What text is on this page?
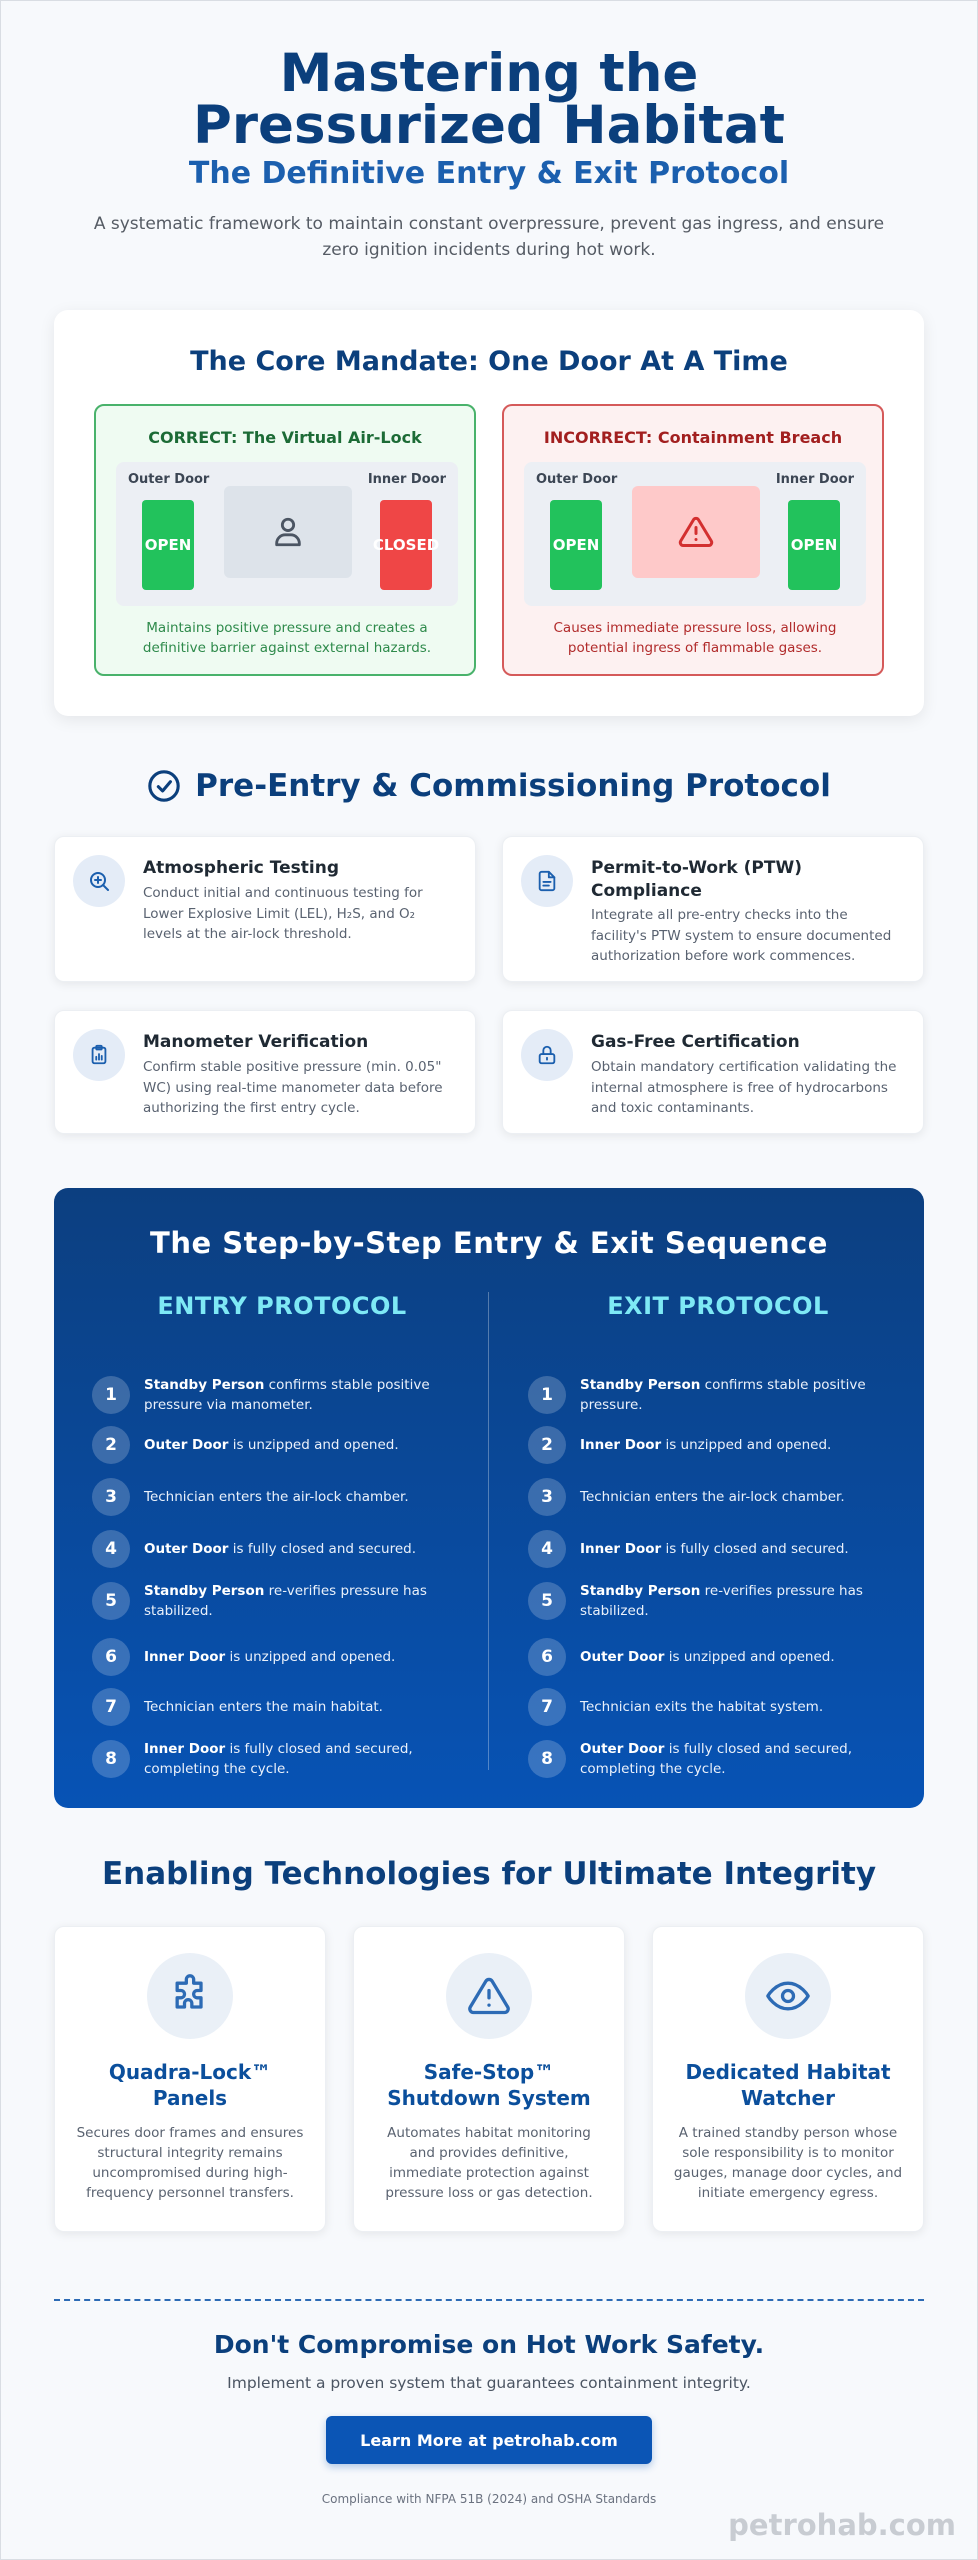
Mastering the Pressurized Habitat
The Definitive Entry & Exit Protocol

A systematic framework to maintain constant overpressure, prevent gas ingress, and ensure zero ignition incidents during hot work.

The Core Mandate: One Door At A Time
CORRECT: The Virtual Air-Lock
Outer Door	Inner Door
OPEN	CLOSED
Maintains positive pressure and creates a definitive barrier against external hazards.
INCORRECT: Containment Breach
Outer Door	Inner Door
OPEN	OPEN
Causes immediate pressure loss, allowing potential ingress of flammable gases.
Pre-Entry & Commissioning Protocol
Atmospheric Testing
Conduct initial and continuous testing for Lower Explosive Limit (LEL), H₂S, and O₂ levels at the air-lock threshold.
Permit-to-Work (PTW) Compliance
Integrate all pre-entry checks into the facility's PTW system to ensure documented authorization before work commences.
Manometer Verification
Confirm stable positive pressure (min. 0.05" WC) using real-time manometer data before authorizing the first entry cycle.
Gas-Free Certification
Obtain mandatory certification validating the internal atmosphere is free of hydrocarbons and toxic contaminants.
The Step-by-Step Entry & Exit Sequence
ENTRY PROTOCOL
1	Standby Person confirms stable positive pressure via manometer.
2	Outer Door is unzipped and opened.
3	Technician enters the air-lock chamber.
4	Outer Door is fully closed and secured.
5	Standby Person re-verifies pressure has stabilized.
6	Inner Door is unzipped and opened.
7	Technician enters the main habitat.
8	Inner Door is fully closed and secured, completing the cycle.
EXIT PROTOCOL
1	Standby Person confirms stable positive pressure.
2	Inner Door is unzipped and opened.
3	Technician enters the air-lock chamber.
4	Inner Door is fully closed and secured.
5	Standby Person re-verifies pressure has stabilized.
6	Outer Door is unzipped and opened.
7	Technician exits the habitat system.
8	Outer Door is fully closed and secured, completing the cycle.
Enabling Technologies for Ultimate Integrity
Quadra-Lock™ Panels
Secures door frames and ensures structural integrity remains uncompromised during high-frequency personnel transfers.
Safe-Stop™ Shutdown System
Automates habitat monitoring and provides definitive, immediate protection against pressure loss or gas detection.
Dedicated Habitat Watcher
A trained standby person whose sole responsibility is to monitor gauges, manage door cycles, and initiate emergency egress.
Don't Compromise on Hot Work Safety.
Implement a proven system that guarantees containment integrity.
Learn More at petrohab.com
Compliance with NFPA 51B (2024) and OSHA Standards
petrohab.com
